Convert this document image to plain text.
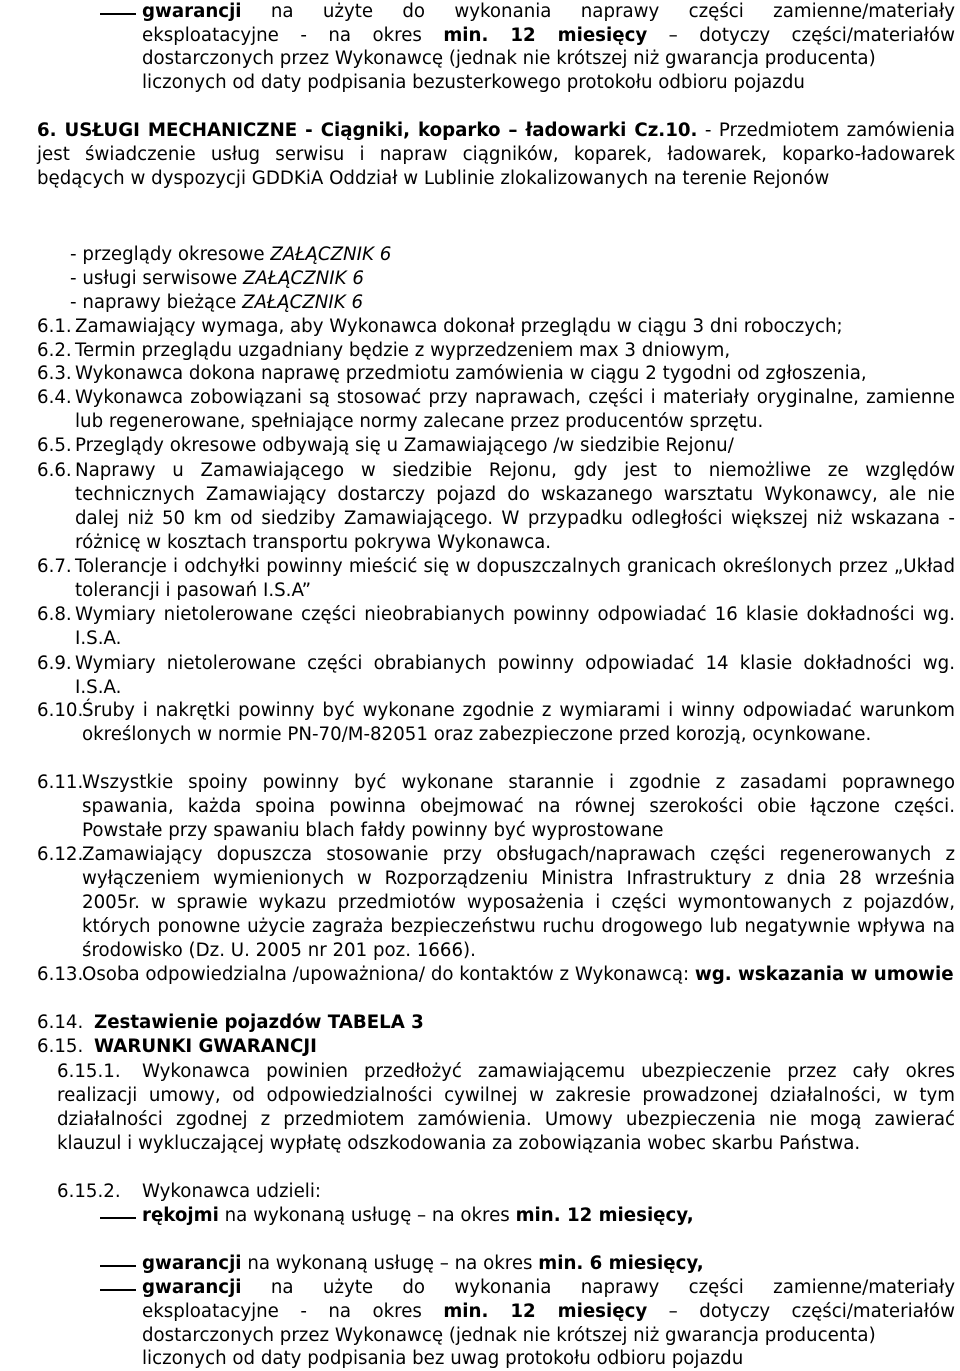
gwarancji na użyte do wykonania naprawy części zamienne/materiały
eksploatacyjne - na okres min. 12 miesięcy – dotyczy części/materiałów
dostarczonych przez Wykonawcę (jednak nie krótszej niż gwarancja producenta)
liczonych od daty podpisania bezusterkowego protokołu odbioru pojazdu
6. USŁUGI MECHANICZNE - Ciągniki, koparko – ładowarki Cz.10. - Przedmiotem zamówienia jest świadczenie usług serwisu i napraw ciągników, koparek, ładowarek, koparko-ładowarek będących w dyspozycji GDDKiA Oddział w Lublinie zlokalizowanych na terenie Rejonów
- przeglądy okresowe ZAŁĄCZNIK 6
- usługi serwisowe ZAŁĄCZNIK 6
- naprawy bieżące ZAŁĄCZNIK 6
6.1. Zamawiający wymaga, aby Wykonawca dokonał przeglądu w ciągu 3 dni roboczych;
6.2. Termin przeglądu uzgadniany będzie z wyprzedzeniem max 3 dniowym,
6.3. Wykonawca dokona naprawę przedmiotu zamówienia w ciągu 2 tygodni od zgłoszenia,
6.4. Wykonawca zobowiązani są stosować przy naprawach, części i materiały oryginalne, zamienne lub regenerowane, spełniające normy zalecane przez producentów sprzętu.
6.5. Przeglądy okresowe odbywają się u Zamawiającego /w siedzibie Rejonu/
6.6. Naprawy u Zamawiającego w siedzibie Rejonu, gdy jest to niemożliwe ze względów technicznych Zamawiający dostarczy pojazd do wskazanego warsztatu Wykonawcy, ale nie dalej niż 50 km od siedziby Zamawiającego. W przypadku odległości większej niż wskazana - różnicę w kosztach transportu pokrywa Wykonawca.
6.7. Tolerancje i odchyłki powinny mieścić się w dopuszczalnych granicach określonych przez „Układ tolerancji i pasowań I.S.A”
6.8. Wymiary nietolerowane części nieobrabianych powinny odpowiadać 16 klasie dokładności wg. I.S.A.
6.9. Wymiary nietolerowane części obrabianych powinny odpowiadać 14 klasie dokładności wg. I.S.A.
6.10.
Śruby i nakrętki powinny być wykonane zgodnie z wymiarami i winny odpowiadać warunkom określonych w normie PN-70/M-82051 oraz zabezpieczone przed korozją, ocynkowane.
6.11.
Wszystkie spoiny powinny być wykonane starannie i zgodnie z zasadami poprawnego spawania, każda spoina powinna obejmować na równej szerokości obie łączone części. Powstałe przy spawaniu blach fałdy powinny być wyprostowane
6.12.
Zamawiający dopuszcza stosowanie przy obsługach/naprawach części regenerowanych z wyłączeniem wymienionych w Rozporządzeniu Ministra Infrastruktury z dnia 28 września 2005r. w sprawie wykazu przedmiotów wyposażenia i części wymontowanych z pojazdów, których ponowne użycie zagraża bezpieczeństwu ruchu drogowego lub negatywnie wpływa na środowisko (Dz. U. 2005 nr 201 poz. 1666).
6.13.
Osoba odpowiedzialna /upoważniona/ do kontaktów z Wykonawcą: wg. wskazania w umowie
6.14. Zestawienie pojazdów TABELA 3
6.15. WARUNKI GWARANCJI
6.15.1.	Wykonawca powinien przedłożyć zamawiającemu ubezpieczenie przez cały okres realizacji umowy, od odpowiedzialności cywilnej w zakresie prowadzonej działalności, w tym działalności zgodnej z przedmiotem zamówienia. Umowy ubezpieczenia nie mogą zawierać klauzul i wykluczającej wypłatę odszkodowania za zobowiązania wobec skarbu Państwa.
6.15.2. Wykonawca udzieli:
rękojmi na wykonaną usługę – na okres min. 12 miesięcy,
gwarancji na wykonaną usługę – na okres min. 6 miesięcy,
gwarancji na użyte do wykonania naprawy części zamienne/materiały
eksploatacyjne - na okres min. 12 miesięcy – dotyczy części/materiałów
dostarczonych przez Wykonawcę (jednak nie krótszej niż gwarancja producenta)
liczonych od daty podpisania bez uwag protokołu odbioru pojazdu
